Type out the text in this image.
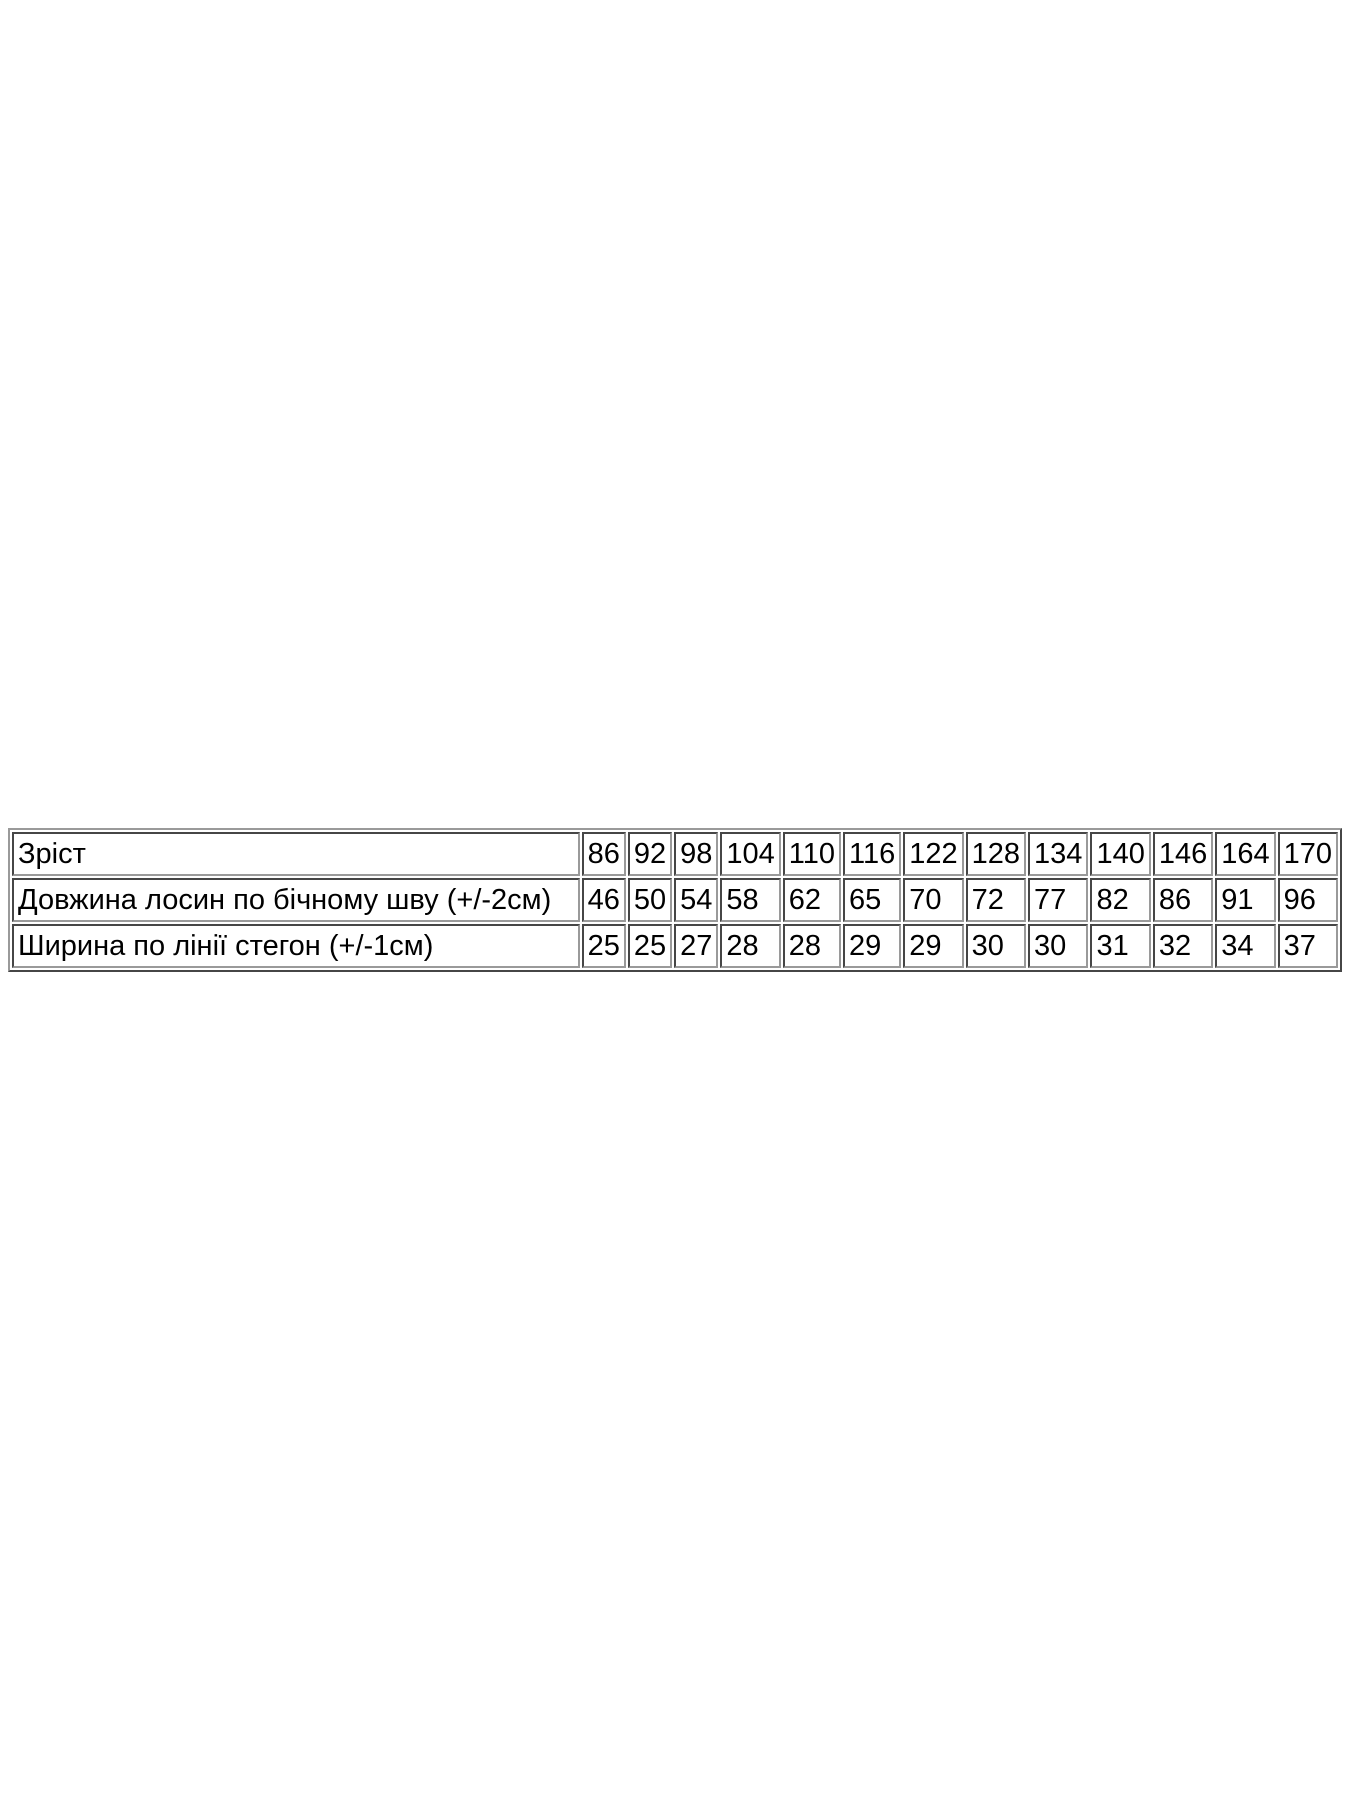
Зріст	86	92	98	104	110	116	122	128	134	140	146	164	170
Довжина лосин по бічному шву (+/-2см)	46	50	54	58	62	65	70	72	77	82	86	91	96
Ширина по лінії стегон (+/-1см)	25	25	27	28	28	29	29	30	30	31	32	34	37
